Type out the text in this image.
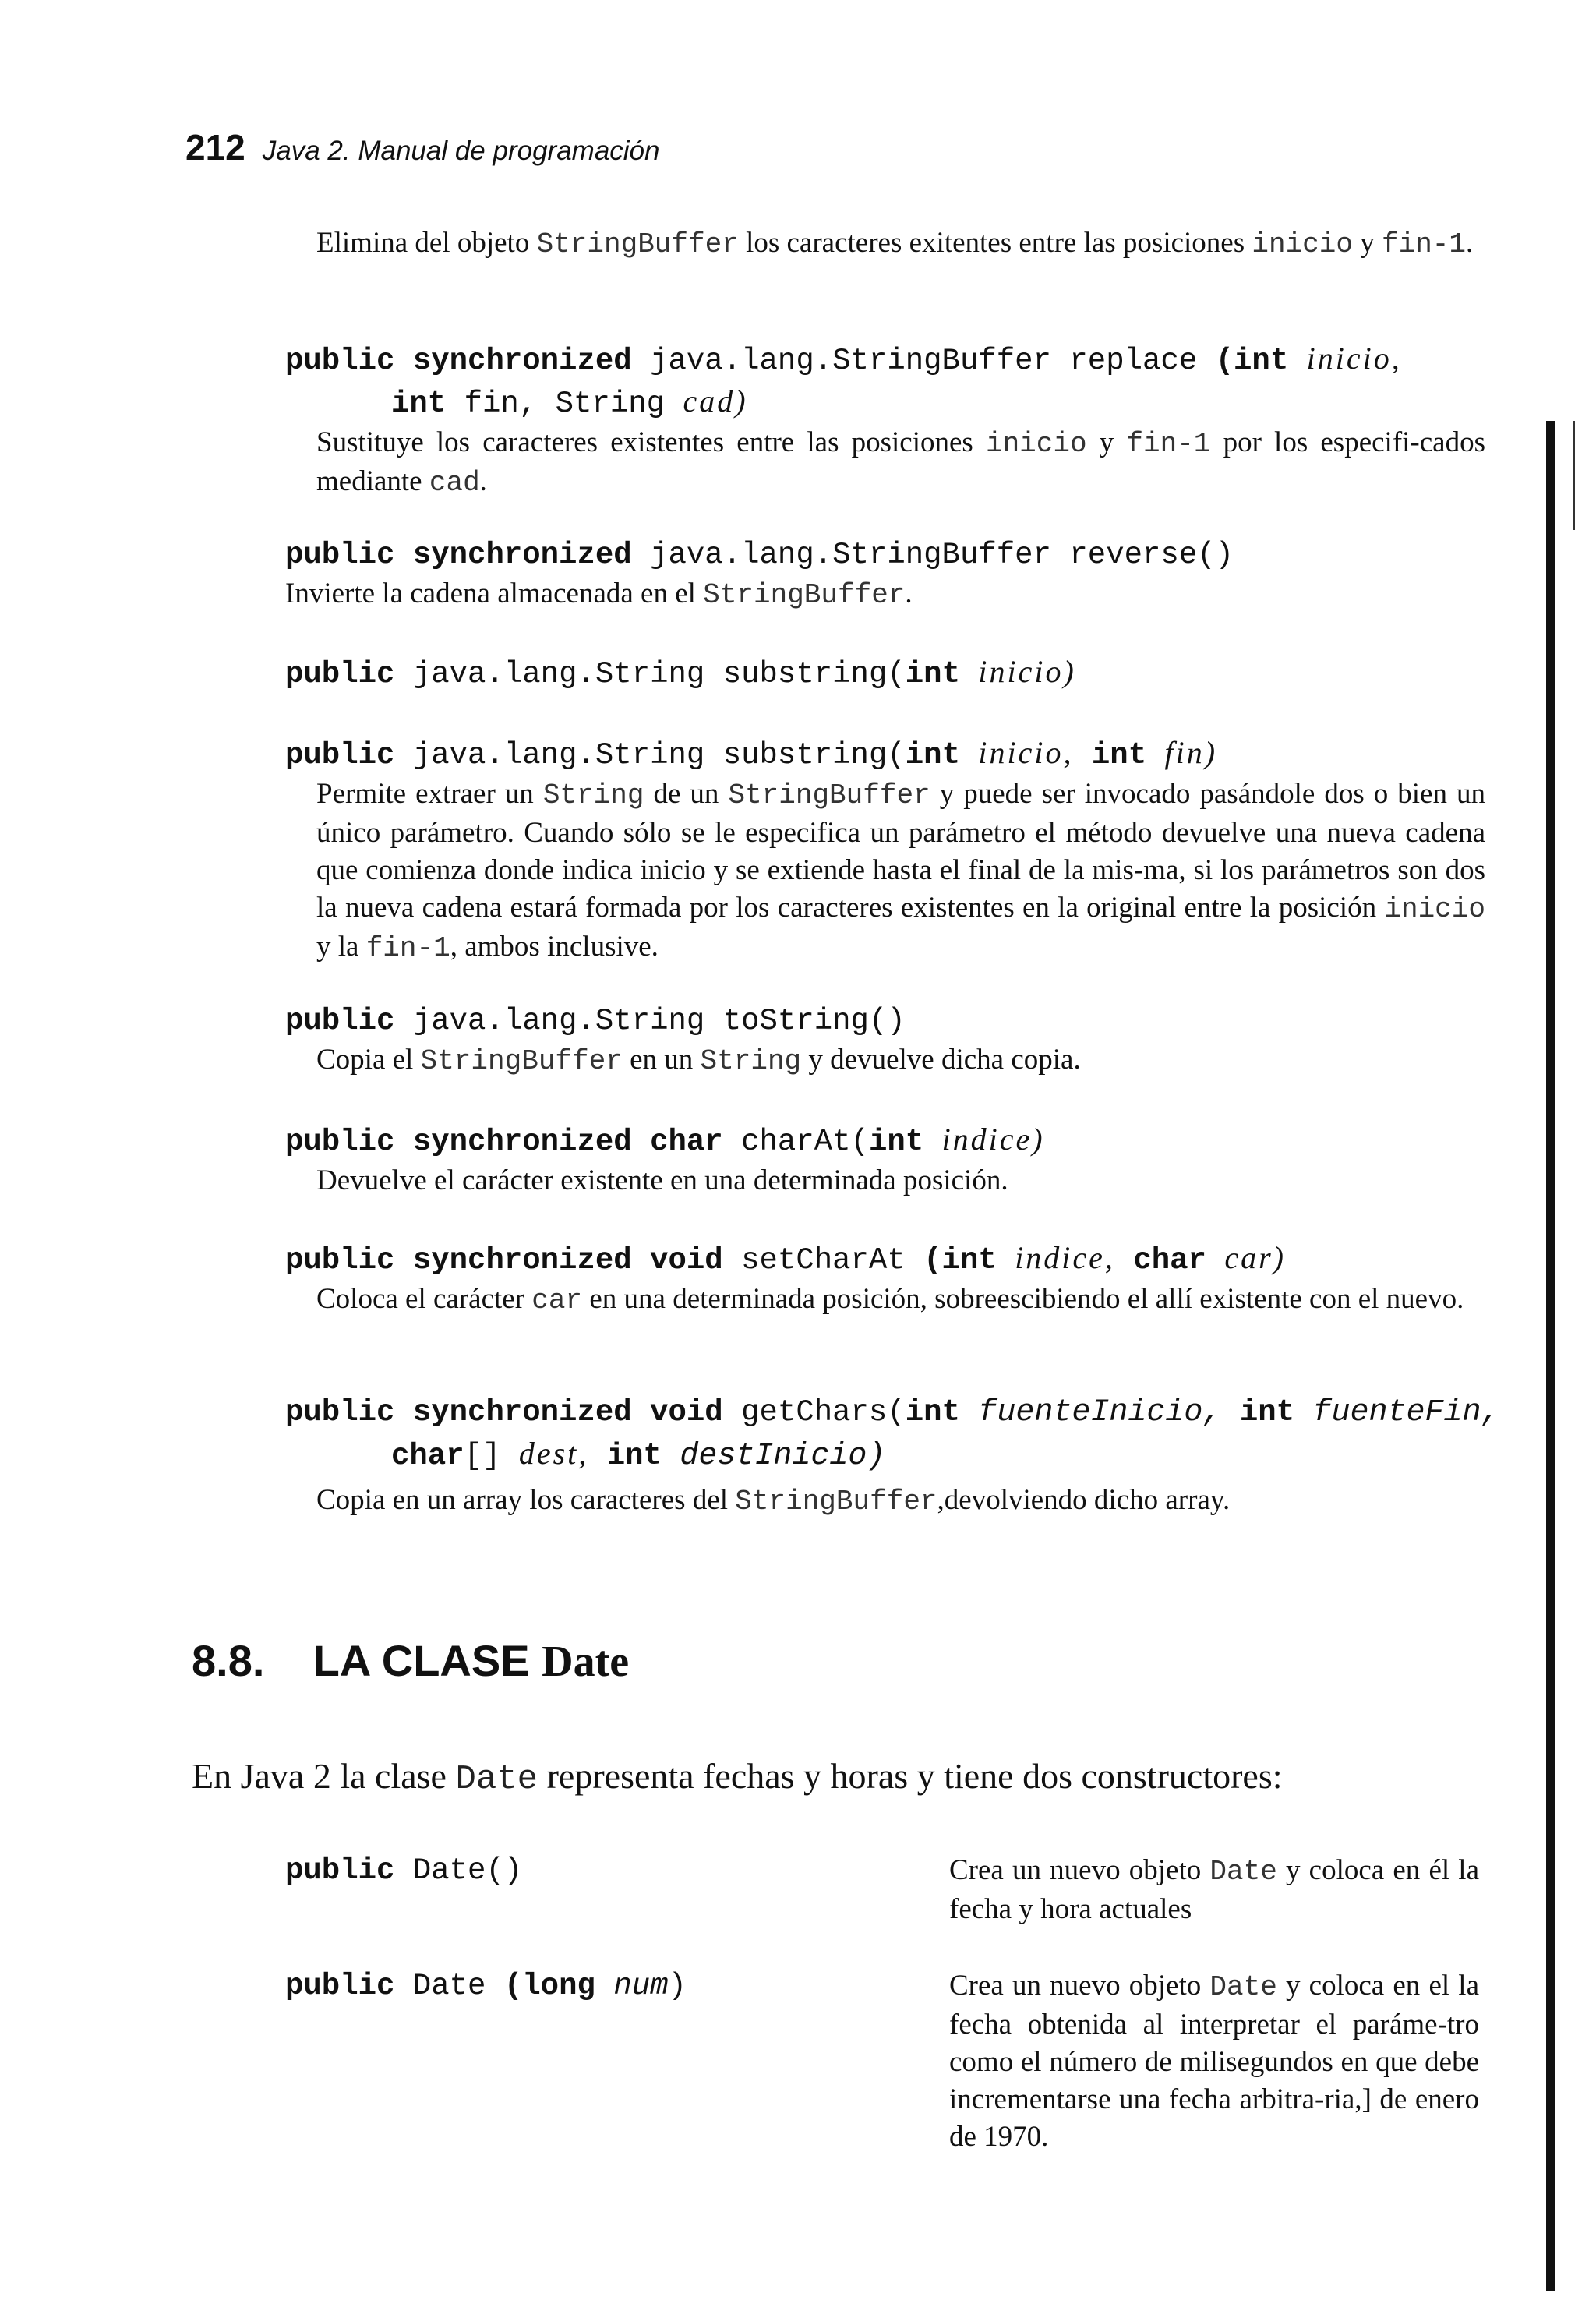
212 Java 2. Manual de programación
Elimina del objeto StringBuffer los caracteres exitentes entre las posiciones inicio y fin-1.
public synchronized java.lang.StringBuffer replace (int inicio,
int fin, String cad)
Sustituye los caracteres existentes entre las posiciones inicio y fin-1 por los especifi-cados mediante cad.
public synchronized java.lang.StringBuffer reverse()
Invierte la cadena almacenada en el StringBuffer.
public java.lang.String substring(int inicio)
public java.lang.String substring(int inicio, int fin)
Permite extraer un String de un StringBuffer y puede ser invocado pasándole dos o bien un único parámetro. Cuando sólo se le especifica un parámetro el método devuelve una nueva cadena que comienza donde indica inicio y se extiende hasta el final de la mis-ma, si los parámetros son dos la nueva cadena estará formada por los caracteres existentes en la original entre la posición inicio y la fin-1, ambos inclusive.
public java.lang.String toString()
Copia el StringBuffer en un String y devuelve dicha copia.
public synchronized char charAt(int indice)
Devuelve el carácter existente en una determinada posición.
public synchronized void setCharAt (int indice, char car)
Coloca el carácter car en una determinada posición, sobreescibiendo el allí existente con el nuevo.
public synchronized void getChars(int fuenteInicio, int fuenteFin,
char[] dest, int destInicio)
Copia en un array los caracteres del StringBuffer,devolviendo dicho array.
8.8. LA CLASE Date
En Java 2 la clase Date representa fechas y horas y tiene dos constructores:
public Date()	Crea un nuevo objeto Date y coloca en él la fecha y hora actuales
public Date (long num)	Crea un nuevo objeto Date y coloca en el la fecha obtenida al interpretar el paráme-tro como el número de milisegundos en que debe incrementarse una fecha arbitra-ria,] de enero de 1970.
